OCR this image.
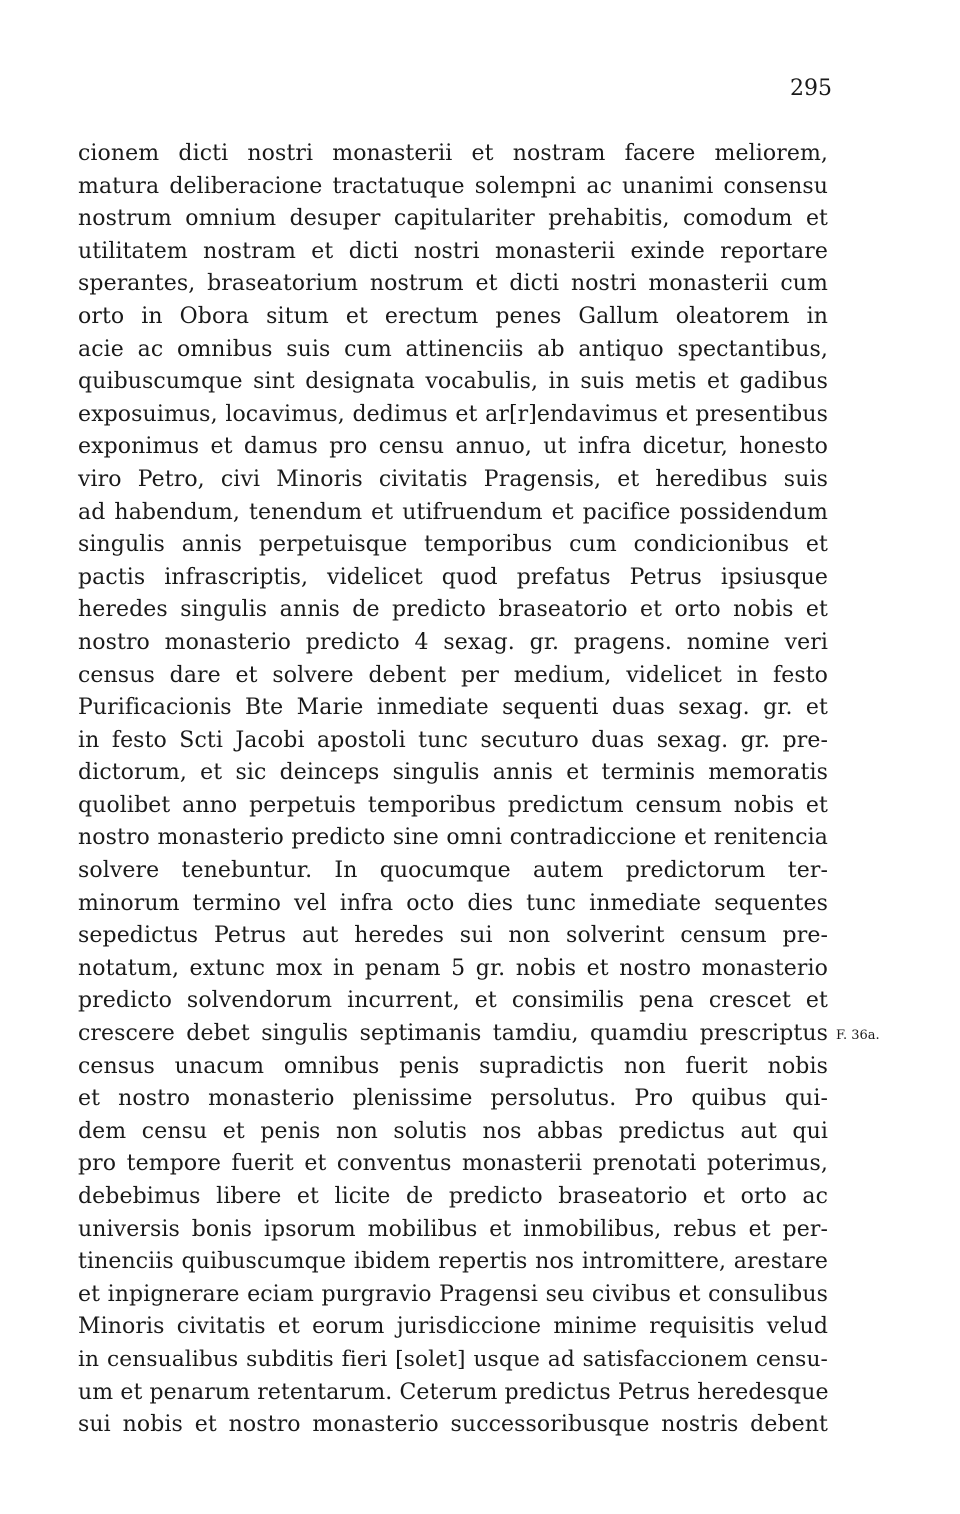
295
cionem dicti nostri monasterii et nostram facere meliorem,
matura deliberacione tractatuque solempni ac unanimi consensu
nostrum omnium desuper capitulariter prehabitis, comodum et
utilitatem nostram et dicti nostri monasterii exinde reportare
sperantes, braseatorium nostrum et dicti nostri monasterii cum
orto in Obora situm et erectum penes Gallum oleatorem in
acie ac omnibus suis cum attinenciis ab antiquo spectantibus,
quibuscumque sint designata vocabulis, in suis metis et gadibus
exposuimus, locavimus, dedimus et ar[r]endavimus et presentibus
exponimus et damus pro censu annuo, ut infra dicetur, honesto
viro Petro, civi Minoris civitatis Pragensis, et heredibus suis
ad habendum, tenendum et utifruendum et pacifice possidendum
singulis annis perpetuisque temporibus cum condicionibus et
pactis infrascriptis, videlicet quod prefatus Petrus ipsiusque
heredes singulis annis de predicto braseatorio et orto nobis et
nostro monasterio predicto 4 sexag. gr. pragens. nomine veri
census dare et solvere debent per medium, videlicet in festo
Purificacionis Bte Marie inmediate sequenti duas sexag. gr. et
in festo Scti Jacobi apostoli tunc secuturo duas sexag. gr. pre-
dictorum, et sic deinceps singulis annis et terminis memoratis
quolibet anno perpetuis temporibus predictum censum nobis et
nostro monasterio predicto sine omni contradiccione et renitencia
solvere tenebuntur. In quocumque autem predictorum ter-
minorum termino vel infra octo dies tunc inmediate sequentes
sepedictus Petrus aut heredes sui non solverint censum pre-
notatum, extunc mox in penam 5 gr. nobis et nostro monasterio
predicto solvendorum incurrent, et consimilis pena crescet et
crescere debet singulis septimanis tamdiu, quamdiu prescriptus
census unacum omnibus penis supradictis non fuerit nobis
et nostro monasterio plenissime persolutus. Pro quibus qui-
dem censu et penis non solutis nos abbas predictus aut qui
pro tempore fuerit et conventus monasterii prenotati poterimus,
debebimus libere et licite de predicto braseatorio et orto ac
universis bonis ipsorum mobilibus et inmobilibus, rebus et per-
tinenciis quibuscumque ibidem repertis nos intromittere, arestare
et inpignerare eciam purgravio Pragensi seu civibus et consulibus
Minoris civitatis et eorum jurisdiccione minime requisitis velud
in censualibus subditis fieri [solet] usque ad satisfaccionem censu-
um et penarum retentarum. Ceterum predictus Petrus heredesque
sui nobis et nostro monasterio successoribusque nostris debent
F. 36a.
